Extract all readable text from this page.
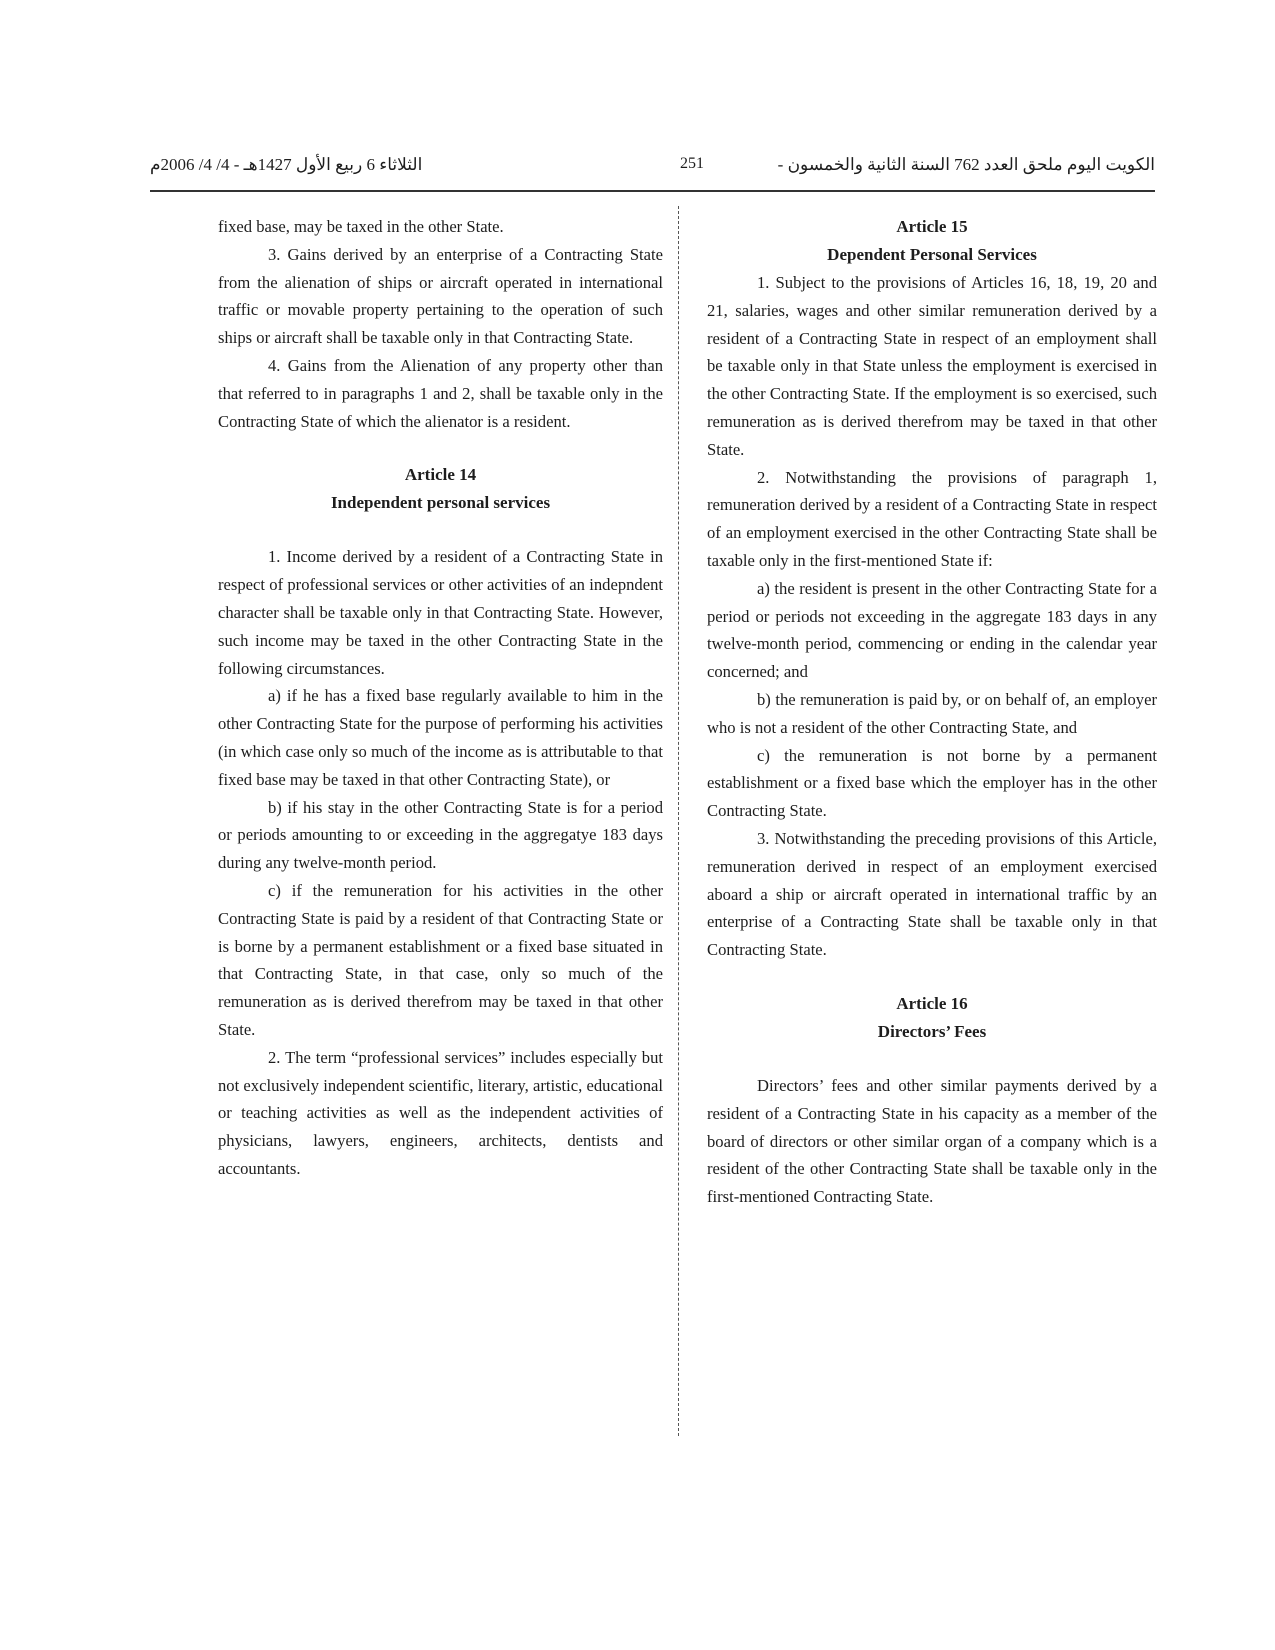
الثلاثاء 6 ربيع الأول 1427هـ - 4/ 4/ 2006م	251	الكويت اليوم ملحق العدد 762 السنة الثانية والخمسون -

fixed base, may be taxed in the other State.

3. Gains derived by an enterprise of a Contracting State from the alienation of ships or aircraft operated in international traffic or movable property pertaining to the operation of such ships or aircraft shall be taxable only in that Contracting State.

4. Gains from the Alienation of any property other than that referred to in paragraphs 1 and 2, shall be taxable only in the Contracting State of which the alienator is a resident.

Article 14
Independent personal services

1. Income derived by a resident of a Contracting State in respect of professional services or other activities of an indepndent character shall be taxable only in that Contracting State. However, such income may be taxed in the other Contracting State in the following circumstances.

a) if he has a fixed base regularly available to him in the other Contracting State for the purpose of performing his activities (in which case only so much of the income as is attributable to that fixed base may be taxed in that other Contracting State), or

b) if his stay in the other Contracting State is for a period or periods amounting to or exceeding in the aggregatye 183 days during any twelve-month period.

c) if the remuneration for his activities in the other Contracting State is paid by a resident of that Contracting State or is borne by a permanent establishment or a fixed base situated in that Contracting State, in that case, only so much of the remuneration as is derived therefrom may be taxed in that other State.

2. The term “professional services” includes especially but not exclusively independent scientific, literary, artistic, educational or teaching activities as well as the independent activities of physicians, lawyers, engineers, architects, dentists and accountants.

Article 15
Dependent Personal Services

1. Subject to the provisions of Articles 16, 18, 19, 20 and 21, salaries, wages and other similar remuneration derived by a resident of a Contracting State in respect of an employment shall be taxable only in that State unless the employment is exercised in the other Contracting State. If the employment is so exercised, such remuneration as is derived therefrom may be taxed in that other State.

2. Notwithstanding the provisions of paragraph 1, remuneration derived by a resident of a Contracting State in respect of an employment exercised in the other Contracting State shall be taxable only in the first-mentioned State if:

a) the resident is present in the other Contracting State for a period or periods not exceeding in the aggregate 183 days in any twelve-month period, commencing or ending in the calendar year concerned; and

b) the remuneration is paid by, or on behalf of, an employer who is not a resident of the other Contracting State, and

c) the remuneration is not borne by a permanent establishment or a fixed base which the employer has in the other Contracting State.

3. Notwithstanding the preceding provisions of this Article, remuneration derived in respect of an employment exercised aboard a ship or aircraft operated in international traffic by an enterprise of a Contracting State shall be taxable only in that Contracting State.

Article 16
Directors’ Fees

Directors’ fees and other similar payments derived by a resident of a Contracting State in his capacity as a member of the board of directors or other similar organ of a company which is a resident of the other Contracting State shall be taxable only in the first-mentioned Contracting State.
